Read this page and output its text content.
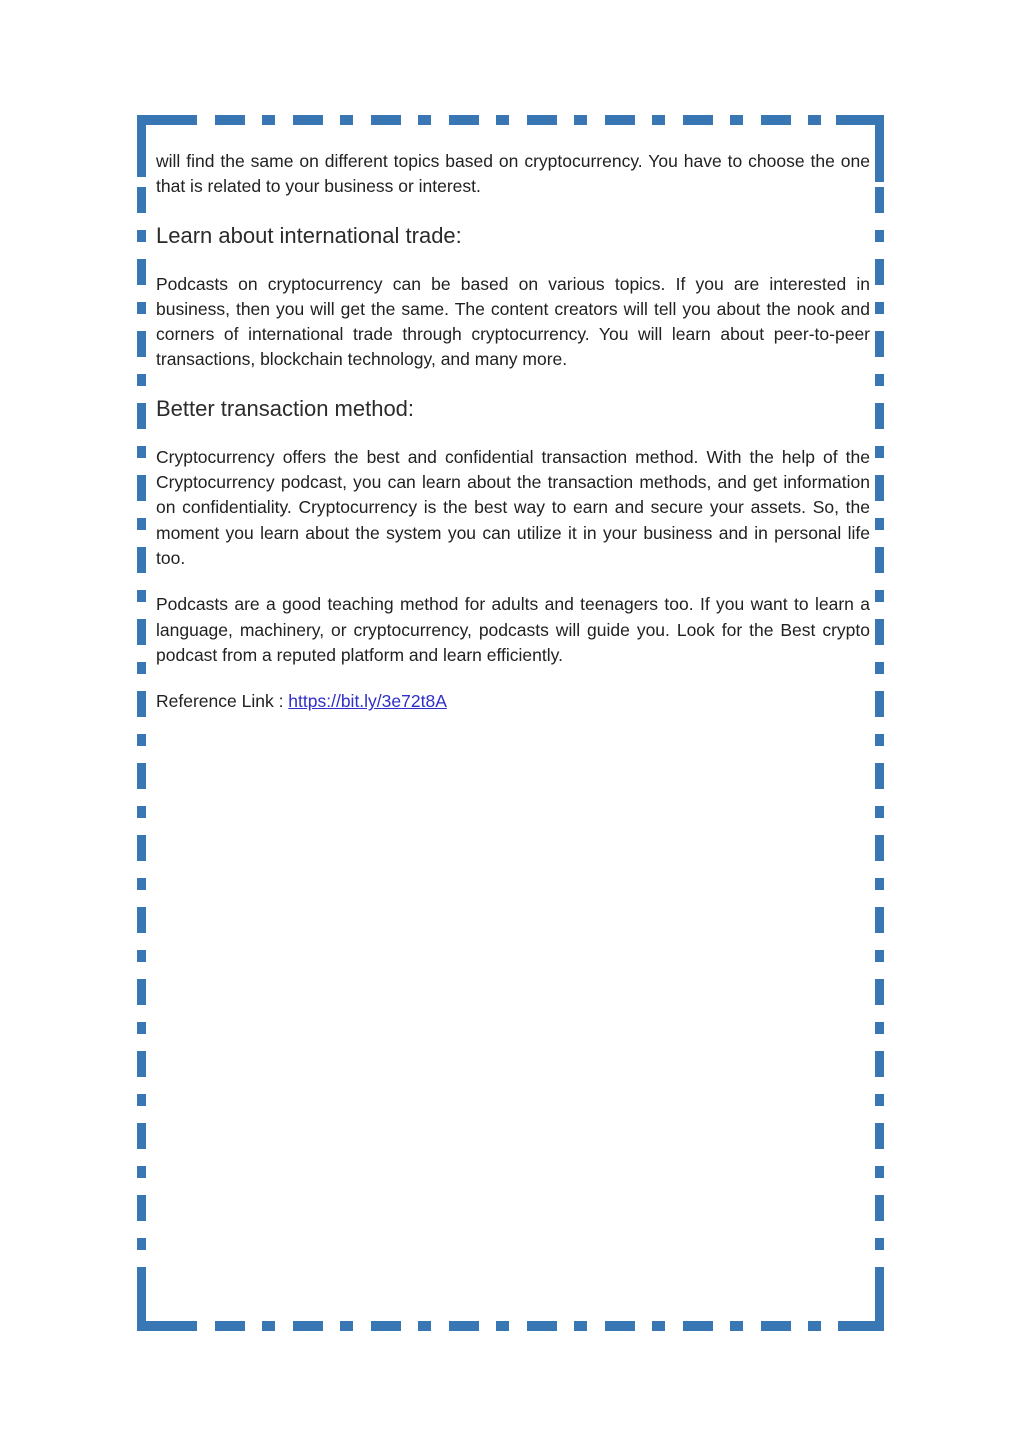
will find the same on different topics based on cryptocurrency. You have to choose the one that is related to your business or interest.

Learn about international trade:

Podcasts on cryptocurrency can be based on various topics. If you are interested in business, then you will get the same. The content creators will tell you about the nook and corners of international trade through cryptocurrency. You will learn about peer-to-peer transactions, blockchain technology, and many more.

Better transaction method:

Cryptocurrency offers the best and confidential transaction method. With the help of the Cryptocurrency podcast, you can learn about the transaction methods, and get information on confidentiality. Cryptocurrency is the best way to earn and secure your assets. So, the moment you learn about the system you can utilize it in your business and in personal life too.

Podcasts are a good teaching method for adults and teenagers too. If you want to learn a language, machinery, or cryptocurrency, podcasts will guide you. Look for the Best crypto podcast from a reputed platform and learn efficiently.

Reference Link : https://bit.ly/3e72t8A
